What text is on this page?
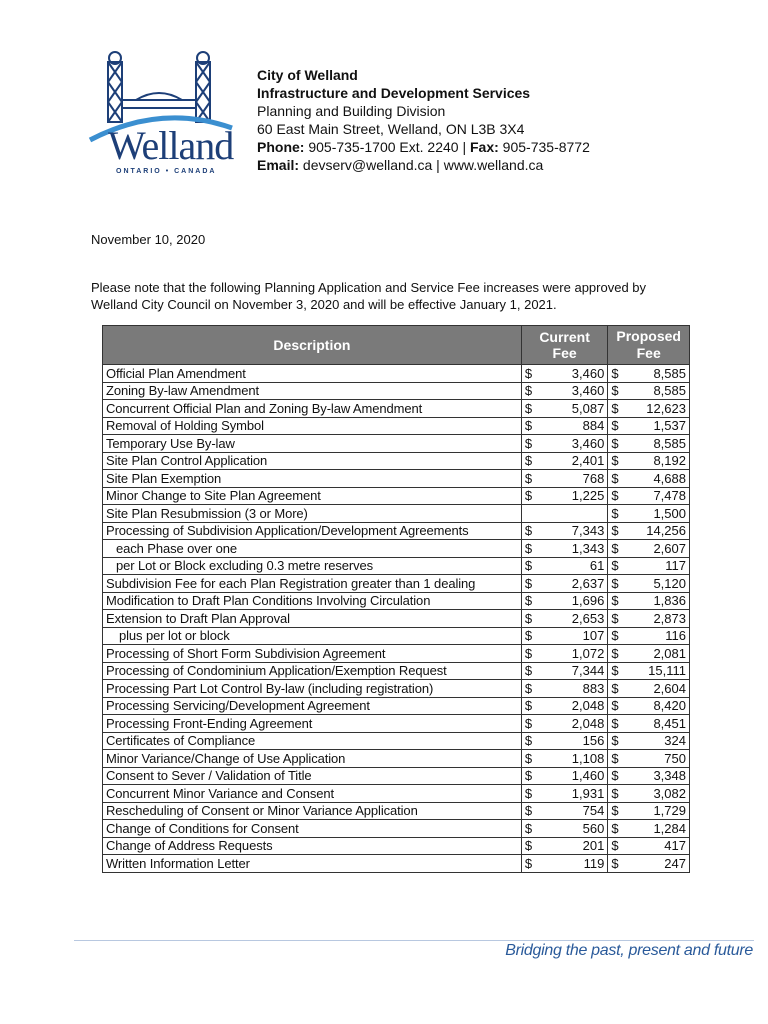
Welland
ONTARIO • CANADA
City of Welland
Infrastructure and Development Services
Planning and Building Division
60 East Main Street, Welland, ON L3B 3X4
Phone: 905-735-1700 Ext. 2240 | Fax: 905-735-8772
Email: devserv@welland.ca | www.welland.ca
November 10, 2020
Please note that the following Planning Application and Service Fee increases were approved by Welland City Council on November 3, 2020 and will be effective January 1, 2021.
Description	Current Fee	Proposed Fee
Official Plan Amendment	$ 3,460	$ 8,585
Zoning By-law Amendment	$ 3,460	$ 8,585
Concurrent Official Plan and Zoning By-law Amendment	$ 5,087	$ 12,623
Removal of Holding Symbol	$ 884	$ 1,537
Temporary Use By-law	$ 3,460	$ 8,585
Site Plan Control Application	$ 2,401	$ 8,192
Site Plan Exemption	$ 768	$ 4,688
Minor Change to Site Plan Agreement	$ 1,225	$ 7,478
Site Plan Resubmission (3 or More)		$ 1,500
Processing of Subdivision Application/Development Agreements	$ 7,343	$ 14,256
each Phase over one	$ 1,343	$ 2,607
per Lot or Block excluding 0.3 metre reserves	$ 61	$ 117
Subdivision Fee for each Plan Registration greater than 1 dealing	$ 2,637	$ 5,120
Modification to Draft Plan Conditions Involving Circulation	$ 1,696	$ 1,836
Extension to Draft Plan Approval	$ 2,653	$ 2,873
plus per lot or block	$ 107	$ 116
Processing of Short Form Subdivision Agreement	$ 1,072	$ 2,081
Processing of Condominium Application/Exemption Request	$ 7,344	$ 15,111
Processing Part Lot Control By-law (including registration)	$ 883	$ 2,604
Processing Servicing/Development Agreement	$ 2,048	$ 8,420
Processing Front-Ending Agreement	$ 2,048	$ 8,451
Certificates of Compliance	$ 156	$ 324
Minor Variance/Change of Use Application	$ 1,108	$ 750
Consent to Sever / Validation of Title	$ 1,460	$ 3,348
Concurrent Minor Variance and Consent	$ 1,931	$ 3,082
Rescheduling of Consent or Minor Variance Application	$ 754	$ 1,729
Change of Conditions for Consent	$ 560	$ 1,284
Change of Address Requests	$ 201	$ 417
Written Information Letter	$ 119	$ 247
Bridging the past, present and future
